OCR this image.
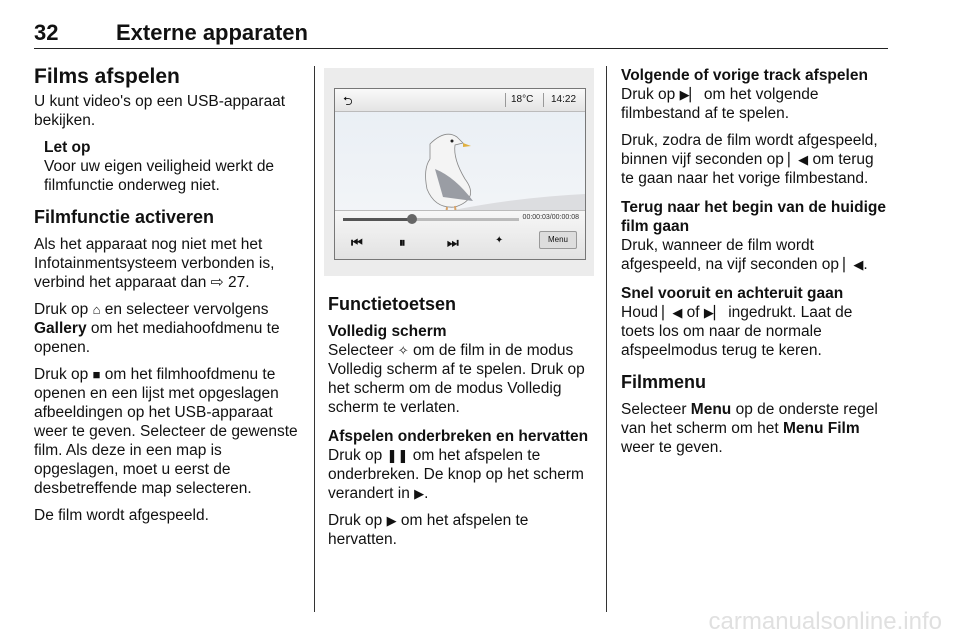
32	Externe apparaten
Films afspelen

U kunt video's op een USB-apparaat bekijken.

Let op
Voor uw eigen veiligheid werkt de filmfunctie onderweg niet.
Filmfunctie activeren

Als het apparaat nog niet met het Infotainmentsysteem verbonden is, verbind het apparaat dan ⇨ 27.

Druk op ⌂ en selecteer vervolgens Gallery om het mediahoofdmenu te openen.

Druk op ■ om het filmhoofdmenu te openen en een lijst met opgeslagen afbeeldingen op het USB-apparaat weer te geven. Selecteer de gewenste film. Als deze in een map is opgeslagen, moet u eerst de desbetreffende map selecteren.

De film wordt afgespeeld.

⮌	18°C 14:22
00:00:03/00:00:08
⏮	⏸	⏭	✦	Menu
Functietoetsen

Volledig scherm
Selecteer ✧ om de film in de modus Volledig scherm af te spelen. Druk op het scherm om de modus Volledig scherm te verlaten.

Afspelen onderbreken en hervatten
Druk op ❚❚ om het afspelen te onderbreken. De knop op het scherm verandert in ▶.

Druk op ▶ om het afspelen te hervatten.

Volgende of vorige track afspelen
Druk op ▶▏ om het volgende filmbestand af te spelen.

Druk, zodra de film wordt afgespeeld, binnen vijf seconden op ▏◀ om terug te gaan naar het vorige filmbestand.

Terug naar het begin van de huidige film gaan
Druk, wanneer de film wordt afgespeeld, na vijf seconden op ▏◀.

Snel vooruit en achteruit gaan
Houd ▏◀ of ▶▏ ingedrukt. Laat de toets los om naar de normale afspeelmodus terug te keren.

Filmmenu

Selecteer Menu op de onderste regel van het scherm om het Menu Film weer te geven.

carmanualsonline.info
